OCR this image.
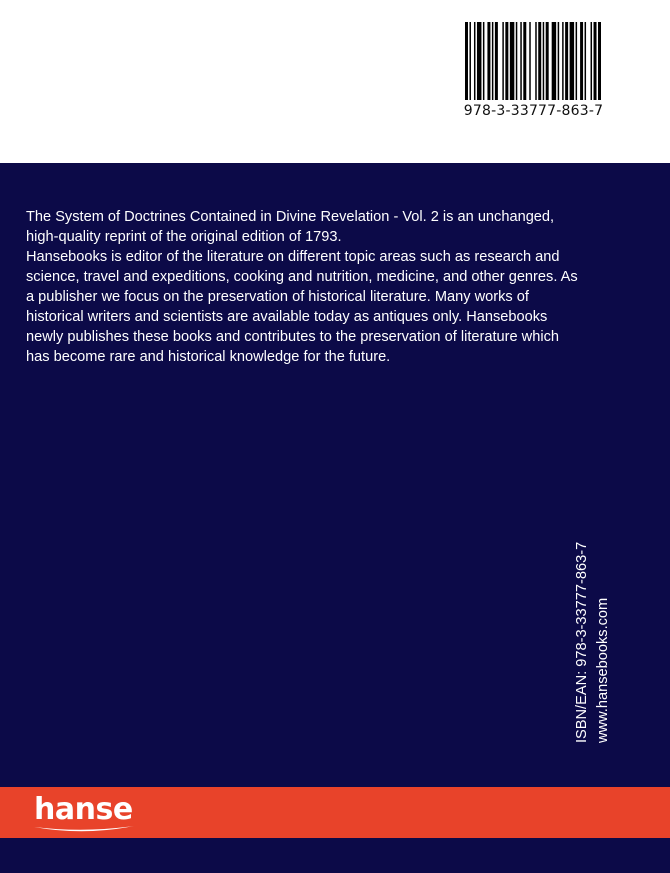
978-3-33777-863-7
The System of Doctrines Contained in Divine Revelation - Vol. 2 is an unchanged,
high-quality reprint of the original edition of 1793.
Hansebooks is editor of the literature on different topic areas such as research and
science, travel and expeditions, cooking and nutrition, medicine, and other genres. As
a publisher we focus on the preservation of historical literature. Many works of
historical writers and scientists are available today as antiques only. Hansebooks
newly publishes these books and contributes to the preservation of literature which
has become rare and historical knowledge for the future.
ISBN/EAN: 978-3-33777-863-7 www.hansebooks.com
hanse
